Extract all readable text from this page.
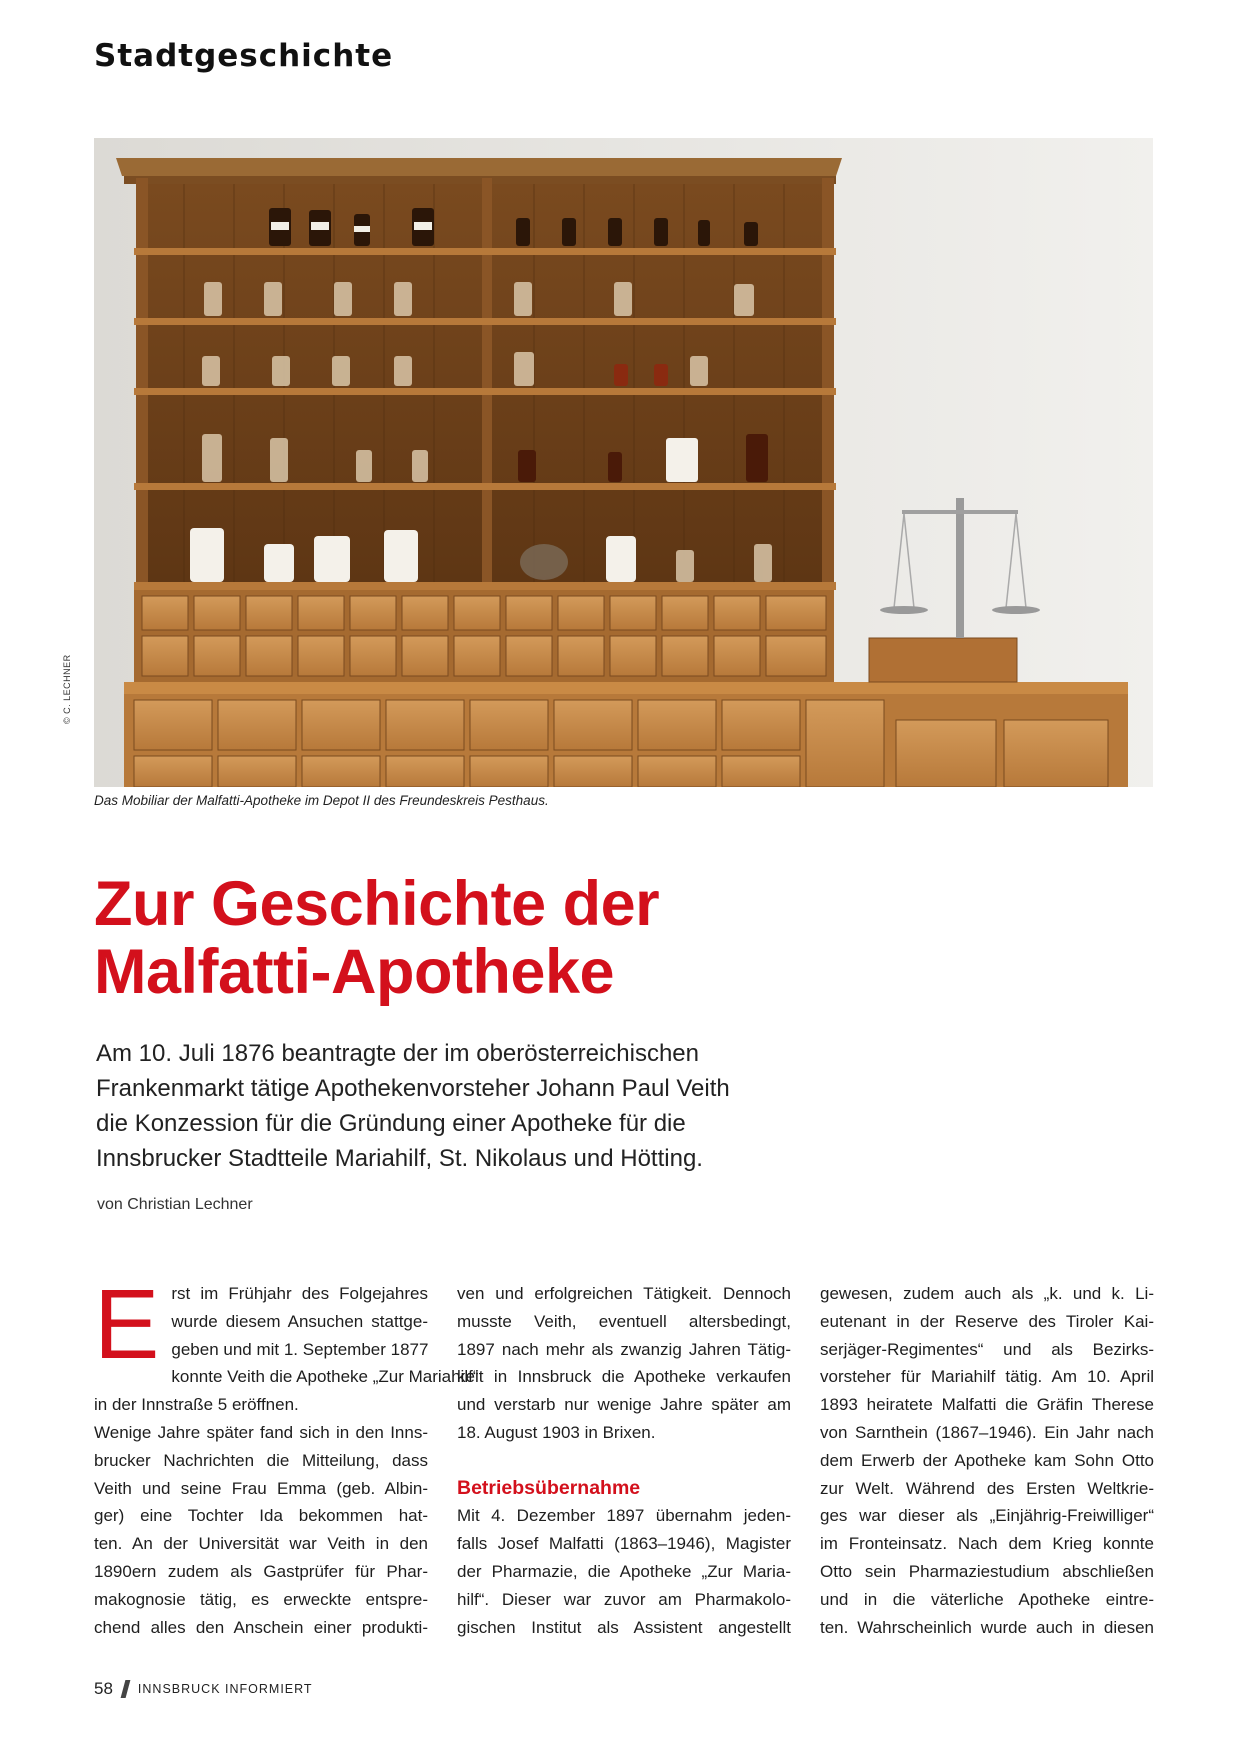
Stadtgeschichte
© C. LECHNER
Das Mobiliar der Malfatti-Apotheke im Depot II des Freundeskreis Pesthaus.
Zur Geschichte der
Malfatti-Apotheke

Am 10. Juli 1876 beantragte der im oberösterreichischen
Frankenmarkt tätige Apothekenvorsteher Johann Paul Veith
die Konzession für die Gründung einer Apotheke für die
Innsbrucker Stadtteile Mariahilf, St. Nikolaus und Hötting.

von Christian Lechner
E rst im Frühjahr des Folgejahres
wurde diesem Ansuchen stattge-
geben und mit 1. September 1877
konnte Veith die Apotheke „Zur Mariahilf“
in der Innstraße 5 eröffnen.
Wenige Jahre später fand sich in den Inns-
brucker Nachrichten die Mitteilung, dass
Veith und seine Frau Emma (geb. Albin-
ger) eine Tochter Ida bekommen hat-
ten. An der Universität war Veith in den
1890ern zudem als Gastprüfer für Phar-
makognosie tätig, es erweckte entspre-
chend alles den Anschein einer produkti-
ven und erfolgreichen Tätigkeit. Dennoch
musste Veith, eventuell altersbedingt,
1897 nach mehr als zwanzig Jahren Tätig-
keit in Innsbruck die Apotheke verkaufen
und verstarb nur wenige Jahre später am
18. August 1903 in Brixen.
Betriebsübernahme
Mit 4. Dezember 1897 übernahm jeden-
falls Josef Malfatti (1863–1946), Magister
der Pharmazie, die Apotheke „Zur Maria-
hilf“. Dieser war zuvor am Pharmakolo-
gischen Institut als Assistent angestellt
gewesen, zudem auch als „k. und k. Li-
eutenant in der Reserve des Tiroler Kai-
serjäger-Regimentes“ und als Bezirks-
vorsteher für Mariahilf tätig. Am 10. April
1893 heiratete Malfatti die Gräfin Therese
von Sarnthein (1867–1946). Ein Jahr nach
dem Erwerb der Apotheke kam Sohn Otto
zur Welt. Während des Ersten Weltkrie-
ges war dieser als „Einjährig-Freiwilliger“
im Fronteinsatz. Nach dem Krieg konnte
Otto sein Pharmaziestudium abschließen
und in die väterliche Apotheke eintre-
ten. Wahrscheinlich wurde auch in diesen
58 INNSBRUCK INFORMIERT
